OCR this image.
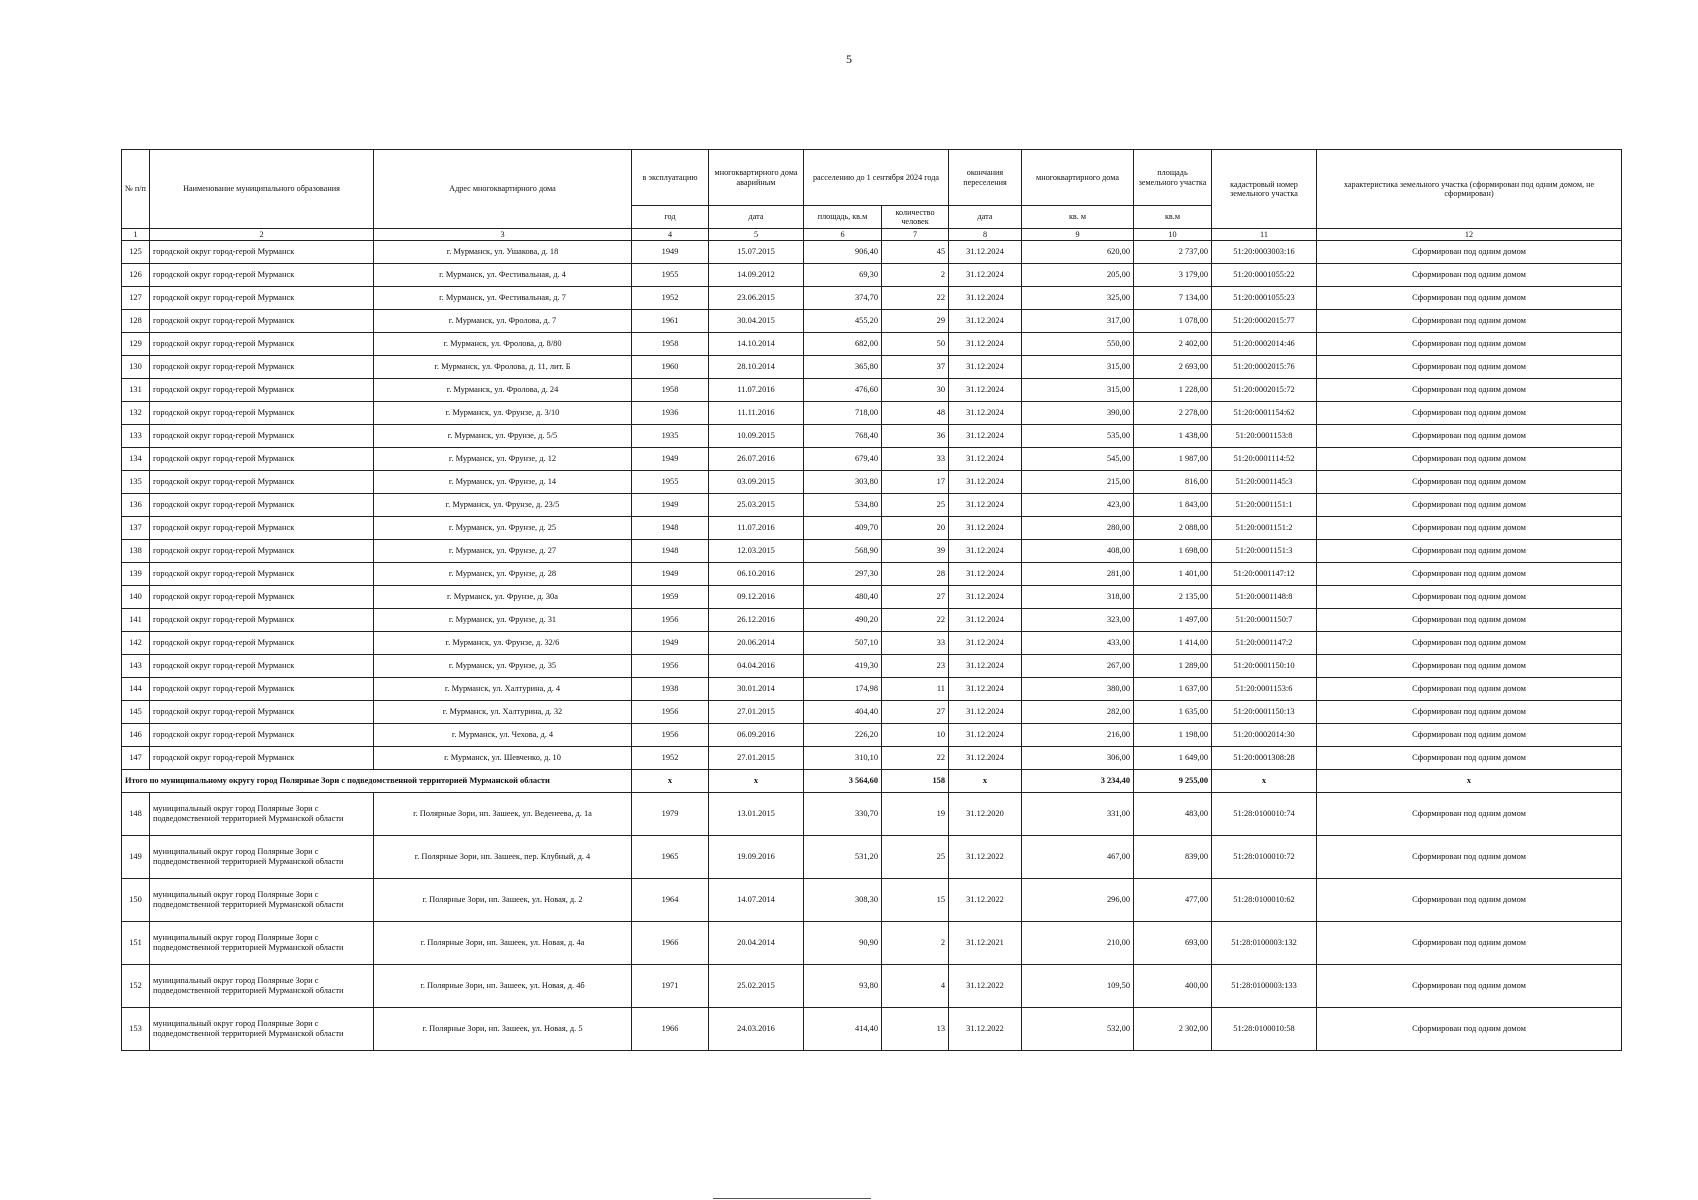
5
№ п/п	Наименование муниципального образования	Адрес многоквартирного дома	в эксплуатацию	многоквартирного дома аварийным	расселению до 1 сентября 2024 года		окончания переселения	многоквартирного дома	площадь земельного участка	кадастровый номер земельного участка	характеристика земельного участка (сформирован под одним домом, не сформирован)
			год	дата	площадь, кв.м	количество человек	дата	кв. м	кв.м		
1	2	3	4	5	6	7	8	9	10	11	12
125	городской округ город-герой Мурманск	г. Мурманск, ул. Ушакова, д. 18	1949	15.07.2015	906,40	45	31.12.2024	620,00	2 737,00	51:20:0003003:16	Сформирован под одним домом
126	городской округ город-герой Мурманск	г. Мурманск, ул. Фестивальная, д. 4	1955	14.09.2012	69,30	2	31.12.2024	205,00	3 179,00	51:20:0001055:22	Сформирован под одним домом
127	городской округ город-герой Мурманск	г. Мурманск, ул. Фестивальная, д. 7	1952	23.06.2015	374,70	22	31.12.2024	325,00	7 134,00	51:20:0001055:23	Сформирован под одним домом
128	городской округ город-герой Мурманск	г. Мурманск, ул. Фролова, д. 7	1961	30.04.2015	455,20	29	31.12.2024	317,00	1 078,00	51:20:0002015:77	Сформирован под одним домом
129	городской округ город-герой Мурманск	г. Мурманск, ул. Фролова, д. 8/80	1958	14.10.2014	682,00	50	31.12.2024	550,00	2 402,00	51:20:0002014:46	Сформирован под одним домом
130	городской округ город-герой Мурманск	г. Мурманск, ул. Фролова, д. 11, лит. Б	1960	28.10.2014	365,80	37	31.12.2024	315,00	2 693,00	51:20:0002015:76	Сформирован под одним домом
131	городской округ город-герой Мурманск	г. Мурманск, ул. Фролова, д. 24	1958	11.07.2016	476,60	30	31.12.2024	315,00	1 228,00	51:20:0002015:72	Сформирован под одним домом
132	городской округ город-герой Мурманск	г. Мурманск, ул. Фрунзе, д. 3/10	1936	11.11.2016	718,00	48	31.12.2024	390,00	2 278,00	51:20:0001154:62	Сформирован под одним домом
133	городской округ город-герой Мурманск	г. Мурманск, ул. Фрунзе, д. 5/5	1935	10.09.2015	768,40	36	31.12.2024	535,00	1 438,00	51:20:0001153:8	Сформирован под одним домом
134	городской округ город-герой Мурманск	г. Мурманск, ул. Фрунзе, д. 12	1949	26.07.2016	679,40	33	31.12.2024	545,00	1 987,00	51:20:0001114:52	Сформирован под одним домом
135	городской округ город-герой Мурманск	г. Мурманск, ул. Фрунзе, д. 14	1955	03.09.2015	303,80	17	31.12.2024	215,00	816,00	51:20:0001145:3	Сформирован под одним домом
136	городской округ город-герой Мурманск	г. Мурманск, ул. Фрунзе, д. 23/5	1949	25.03.2015	534,80	25	31.12.2024	423,00	1 843,00	51:20:0001151:1	Сформирован под одним домом
137	городской округ город-герой Мурманск	г. Мурманск, ул. Фрунзе, д. 25	1948	11.07.2016	409,70	20	31.12.2024	280,00	2 088,00	51:20:0001151:2	Сформирован под одним домом
138	городской округ город-герой Мурманск	г. Мурманск, ул. Фрунзе, д. 27	1948	12.03.2015	568,90	39	31.12.2024	408,00	1 698,00	51:20:0001151:3	Сформирован под одним домом
139	городской округ город-герой Мурманск	г. Мурманск, ул. Фрунзе, д. 28	1949	06.10.2016	297,30	28	31.12.2024	281,00	1 401,00	51:20:0001147:12	Сформирован под одним домом
140	городской округ город-герой Мурманск	г. Мурманск, ул. Фрунзе, д. 30а	1959	09.12.2016	480,40	27	31.12.2024	318,00	2 135,00	51:20:0001148:8	Сформирован под одним домом
141	городской округ город-герой Мурманск	г. Мурманск, ул. Фрунзе, д. 31	1956	26.12.2016	490,20	22	31.12.2024	323,00	1 497,00	51:20:0001150:7	Сформирован под одним домом
142	городской округ город-герой Мурманск	г. Мурманск, ул. Фрунзе, д. 32/6	1949	20.06.2014	507,10	33	31.12.2024	433,00	1 414,00	51:20:0001147:2	Сформирован под одним домом
143	городской округ город-герой Мурманск	г. Мурманск, ул. Фрунзе, д. 35	1956	04.04.2016	419,30	23	31.12.2024	267,00	1 289,00	51:20:0001150:10	Сформирован под одним домом
144	городской округ город-герой Мурманск	г. Мурманск, ул. Халтурина, д. 4	1938	30.01.2014	174,98	11	31.12.2024	380,00	1 637,00	51:20:0001153:6	Сформирован под одним домом
145	городской округ город-герой Мурманск	г. Мурманск, ул. Халтурина, д. 32	1956	27.01.2015	404,40	27	31.12.2024	282,00	1 635,00	51:20:0001150:13	Сформирован под одним домом
146	городской округ город-герой Мурманск	г. Мурманск, ул. Чехова, д. 4	1956	06.09.2016	226,20	10	31.12.2024	216,00	1 198,00	51:20:0002014:30	Сформирован под одним домом
147	городской округ город-герой Мурманск	г. Мурманск, ул. Шевченко, д. 10	1952	27.01.2015	310,10	22	31.12.2024	306,00	1 649,00	51:20:0001308:28	Сформирован под одним домом
Итого по муниципальному округу город Полярные Зори с подведомственной территорией Мурманской области			х	х	3 564,60	158	х	3 234,40	9 255,00	х	х
148	муниципальный округ город Полярные Зори с подведомственной территорией Мурманской области	г. Полярные Зори, нп. Зашеек, ул. Веденеева, д. 1а	1979	13.01.2015	330,70	19	31.12.2020	331,00	483,00	51:28:0100010:74	Сформирован под одним домом
149	муниципальный округ город Полярные Зори с подведомственной территорией Мурманской области	г. Полярные Зори, нп. Зашеек, пер. Клубный, д. 4	1965	19.09.2016	531,20	25	31.12.2022	467,00	839,00	51:28:0100010:72	Сформирован под одним домом
150	муниципальный округ город Полярные Зори с подведомственной территорией Мурманской области	г. Полярные Зори, нп. Зашеек, ул. Новая, д. 2	1964	14.07.2014	308,30	15	31.12.2022	296,00	477,00	51:28:0100010:62	Сформирован под одним домом
151	муниципальный округ город Полярные Зори с подведомственной территорией Мурманской области	г. Полярные Зори, нп. Зашеек, ул. Новая, д. 4а	1966	20.04.2014	90,90	2	31.12.2021	210,00	693,00	51:28:0100003:132	Сформирован под одним домом
152	муниципальный округ город Полярные Зори с подведомственной территорией Мурманской области	г. Полярные Зори, нп. Зашеек, ул. Новая, д. 4б	1971	25.02.2015	93,80	4	31.12.2022	109,50	400,00	51:28:0100003:133	Сформирован под одним домом
153	муниципальный округ город Полярные Зори с подведомственной территорией Мурманской области	г. Полярные Зори, нп. Зашеек, ул. Новая, д. 5	1966	24.03.2016	414,40	13	31.12.2022	532,00	2 302,00	51:28:0100010:58	Сформирован под одним домом
